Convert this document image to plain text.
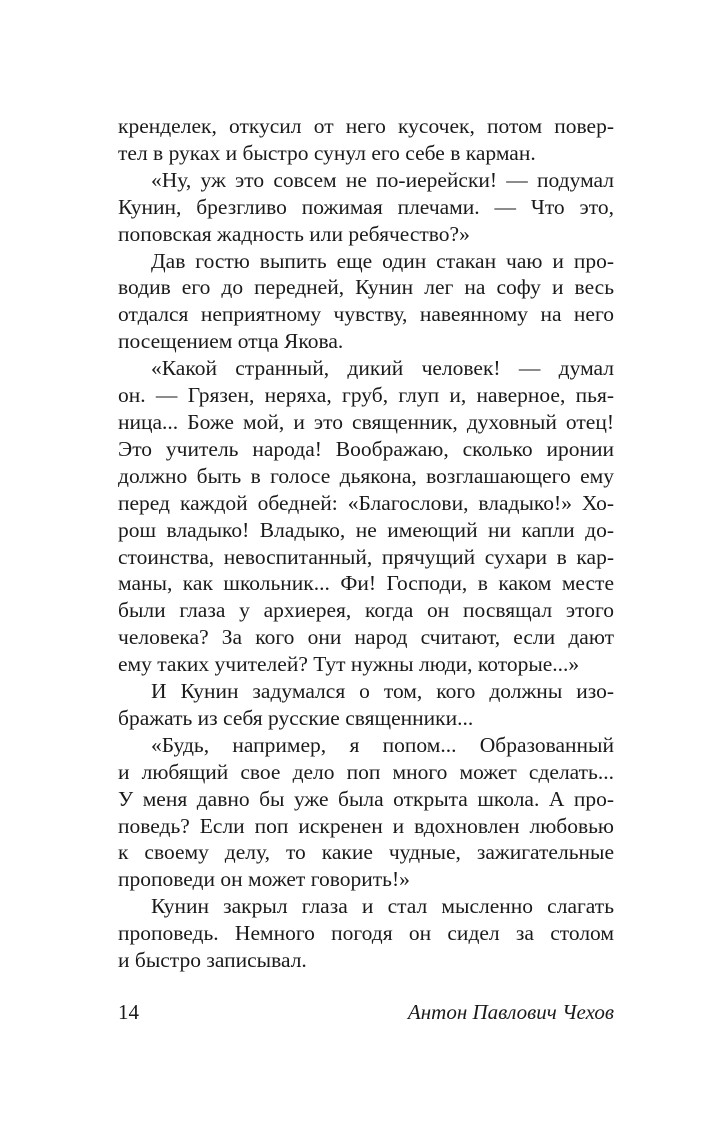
кренделек, откусил от него кусочек, потом повер-
тел в руках и быстро сунул его себе в карман.
«Ну, уж это совсем не по-иерейски! — подумал
Кунин, брезгливо пожимая плечами. — Что это,
поповская жадность или ребячество?»
Дав гостю выпить еще один стакан чаю и про-
водив его до передней, Кунин лег на софу и весь
отдался неприятному чувству, навеянному на него
посещением отца Якова.
«Какой странный, дикий человек! — думал
он. — Грязен, неряха, груб, глуп и, наверное, пья-
ница... Боже мой, и это священник, духовный отец!
Это учитель народа! Воображаю, сколько иронии
должно быть в голосе дьякона, возглашающего ему
перед каждой обедней: «Благослови, владыко!» Хо-
рош владыко! Владыко, не имеющий ни капли до-
стоинства, невоспитанный, прячущий сухари в кар-
маны, как школьник... Фи! Господи, в каком месте
были глаза у архиерея, когда он посвящал этого
человека? За кого они народ считают, если дают
ему таких учителей? Тут нужны люди, которые...»
И Кунин задумался о том, кого должны изо-
бражать из себя русские священники...
«Будь, например, я попом... Образованный
и любящий свое дело поп много может сделать...
У меня давно бы уже была открыта школа. А про-
поведь? Если поп искренен и вдохновлен любовью
к своему делу, то какие чудные, зажигательные
проповеди он может говорить!»
Кунин закрыл глаза и стал мысленно слагать
проповедь. Немного погодя он сидел за столом
и быстро записывал.
14	Антон Павлович Чехов
